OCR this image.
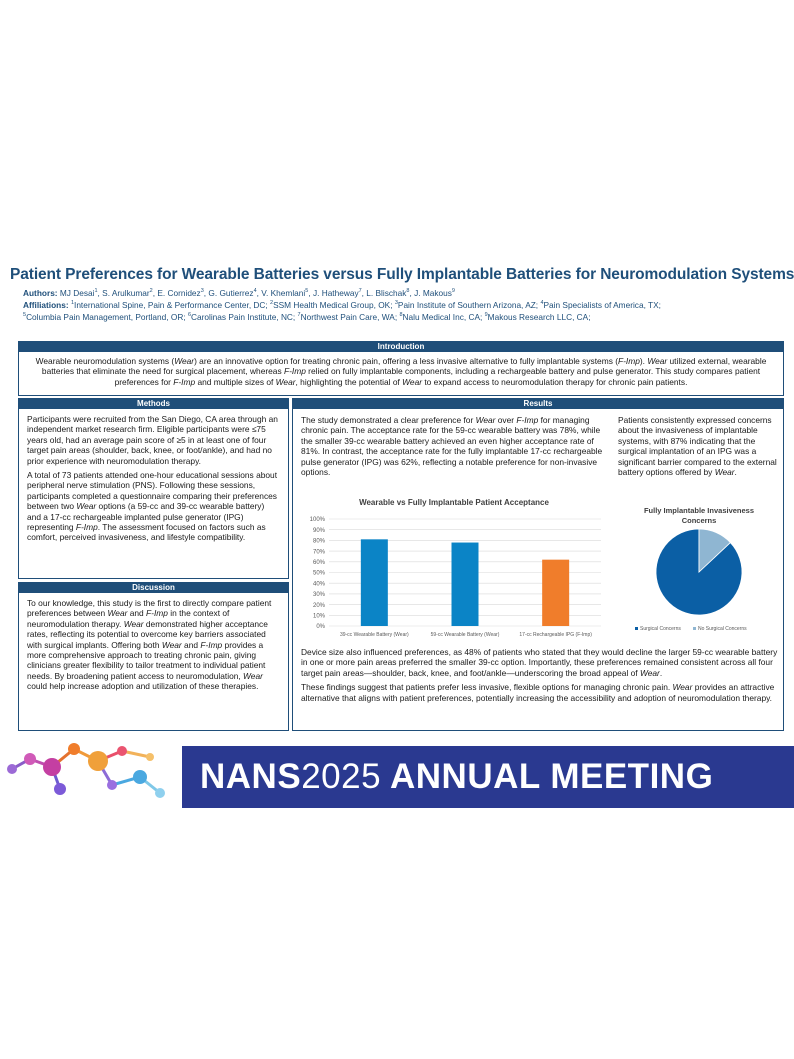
Patient Preferences for Wearable Batteries versus Fully Implantable Batteries for Neuromodulation Systems
Authors: MJ Desai$^1$, S. Arulkumar$^2$, E. Cornidez$^3$, G. Gutierrez$^4$, V. Khemlani$^5$, J. Hatheway$^7$, L. Blischak$^8$, J. Makous$^9$
Affiliations: $^1$International Spine, Pain & Performance Center, DC; $^2$SSM Health Medical Group, OK; $^3$Pain Institute of Southern Arizona, AZ; $^4$Pain Specialists of America, TX;
$^5$Columbia Pain Management, Portland, OR; $^6$Carolinas Pain Institute, NC; $^7$Northwest Pain Care, WA; $^8$Nalu Medical Inc, CA; $^9$Makous Research LLC, CA;
Introduction
Wearable neuromodulation systems (Wear) are an innovative option for treating chronic pain, offering a less invasive alternative to fully implantable systems (F-Imp). Wear utilized external, wearable batteries that eliminate the need for surgical placement, whereas F-Imp relied on fully implantable components, including a rechargeable battery and pulse generator. This study compares patient preferences for F-Imp and multiple sizes of Wear, highlighting the potential of Wear to expand access to neuromodulation therapy for chronic pain patients.
Methods

Participants were recruited from the San Diego, CA area through an independent market research firm. Eligible participants were ≤75 years old, had an average pain score of ≥5 in at least one of four target pain areas (shoulder, back, knee, or foot/ankle), and had no prior experience with neuromodulation therapy.

A total of 73 patients attended one-hour educational sessions about peripheral nerve stimulation (PNS). Following these sessions, participants completed a questionnaire comparing their preferences between two Wear options (a 59-cc and 39-cc wearable battery) and a 17-cc rechargeable implanted pulse generator (IPG) representing F-Imp. The assessment focused on factors such as comfort, perceived invasiveness, and lifestyle compatibility.

Discussion

To our knowledge, this study is the first to directly compare patient preferences between Wear and F-Imp in the context of neuromodulation therapy. Wear demonstrated higher acceptance rates, reflecting its potential to overcome key barriers associated with surgical implants. Offering both Wear and F-Imp provides a more comprehensive approach to treating chronic pain, giving clinicians greater flexibility to tailor treatment to individual patient needs. By broadening patient access to neuromodulation, Wear could help increase adoption and utilization of these therapies.

Results
The study demonstrated a clear preference for Wear over F-Imp for managing chronic pain. The acceptance rate for the 59-cc wearable battery was 78%, while the smaller 39-cc wearable battery achieved an even higher acceptance rate of 81%. In contrast, the acceptance rate for the fully implantable 17-cc rechargeable pulse generator (IPG) was 62%, reflecting a notable preference for non-invasive options.
Patients consistently expressed concerns about the invasiveness of implantable systems, with 87% indicating that the surgical implantation of an IPG was a significant barrier compared to the external battery options offered by Wear.
Wearable vs Fully Implantable Patient Acceptance
0%
10%
20%
30%
40%
50%
60%
70%
80%
90%
100%
39-cc Wearable Battery (Wear)	59-cc Wearable Battery (Wear)	17-cc Rechargeable IPG (F-Imp)
Fully Implantable Invasiveness
Concerns
Surgical Concerns	No Surgical Concerns

Device size also influenced preferences, as 48% of patients who stated that they would decline the larger 59-cc wearable battery in one or more pain areas preferred the smaller 39-cc option. Importantly, these preferences remained consistent across all four target pain areas—shoulder, back, knee, and foot/ankle—underscoring the broad appeal of Wear.

These findings suggest that patients prefer less invasive, flexible options for managing chronic pain. Wear provides an attractive alternative that aligns with patient preferences, potentially increasing the accessibility and adoption of neuromodulation therapy.

NANS2025 ANNUAL MEETING
